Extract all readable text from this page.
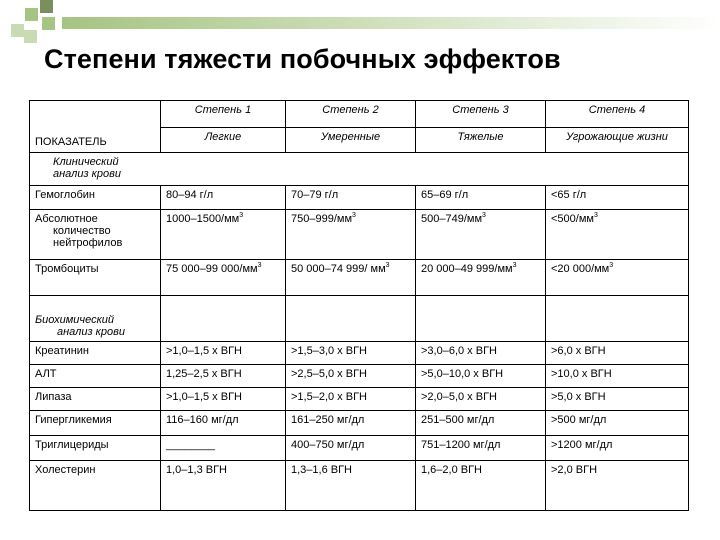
Степени тяжести побочных эффектов
	Степень 1	Степень 2	Степень 3	Степень 4
ПОКАЗАТЕЛЬ	Легкие	Умеренные	Тяжелые	Угрожающие жизни

Клинический
анализ крови				

Гемоглобин	80–94 г/л	70–79 г/л	65–69 г/л	<65 г/л

Абсолютное
количество
нейтрофилов	$1000-1500/мм^3$	$750-999/мм^3$	$500-749/мм^3$	$<500/мм^3$
Тромбоциты	75 000–99 $000/мм^3$	50 000–74 999/ $мм^3$	20 000–49 $999/мм^3$	<20 $000/мм^3$

Биохимический
анализ крови				

Креатинин	>1,0–1,5 х ВГН	>1,5–3,0 х ВГН	>3,0–6,0 х ВГН	>6,0 х ВГН
АЛТ	1,25–2,5 х ВГН	>2,5–5,0 х ВГН	>5,0–10,0 х ВГН	>10,0 х ВГН
Липаза	>1,0–1,5 х ВГН	>1,5–2,0 х ВГН	>2,0–5,0 х ВГН	>5,0 х ВГН
Гипергликемия	116–160 мг/дл	161–250 мг/дл	251–500 мг/дл	>500 мг/дл
Триглицериды	________	400–750 мг/дл	751–1200 мг/дл	>1200 мг/дл
Холестерин	1,0–1,3 ВГН	1,3–1,6 ВГН	1,6–2,0 ВГН	>2,0 ВГН
